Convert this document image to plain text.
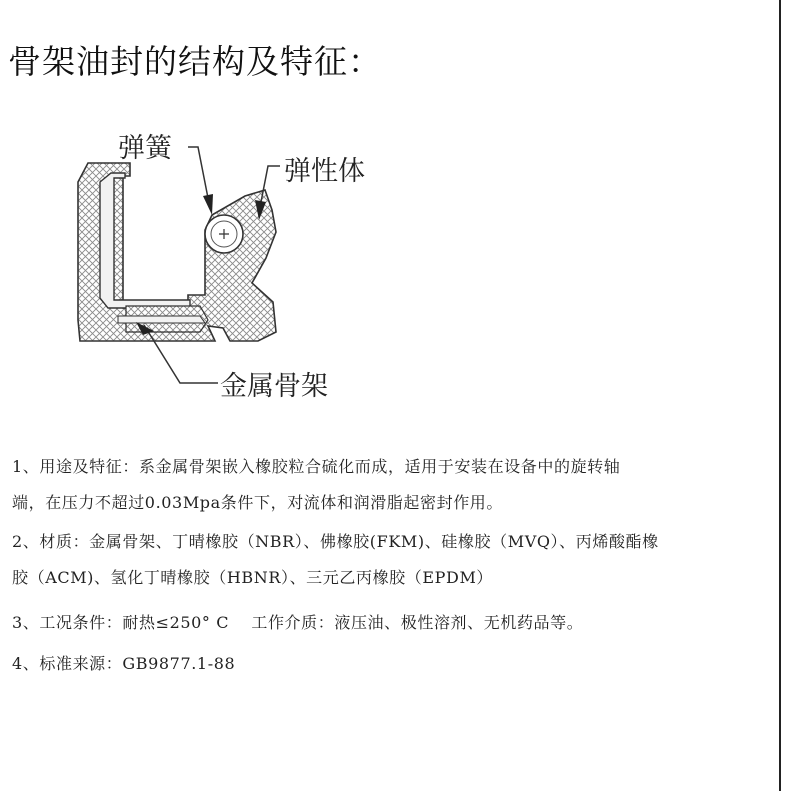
骨架油封的结构及特征：
弹簧
弹性体
金属骨架

1、用途及特征：系金属骨架嵌入橡胶粒合硫化而成，适用于安装在设备中的旋转轴
端，在压力不超过0.03Mpa条件下，对流体和润滑脂起密封作用。

2、材质：金属骨架、丁晴橡胶（NBR）、佛橡胶(FKM)、硅橡胶（MVQ）、丙烯酸酯橡
胶（ACM)、氢化丁晴橡胶（HBNR）、三元乙丙橡胶（EPDM）

3、工况条件：耐热≤250° C　 工作介质：液压油、极性溶剂、无机药品等。

4、标准来源：GB9877.1-88
